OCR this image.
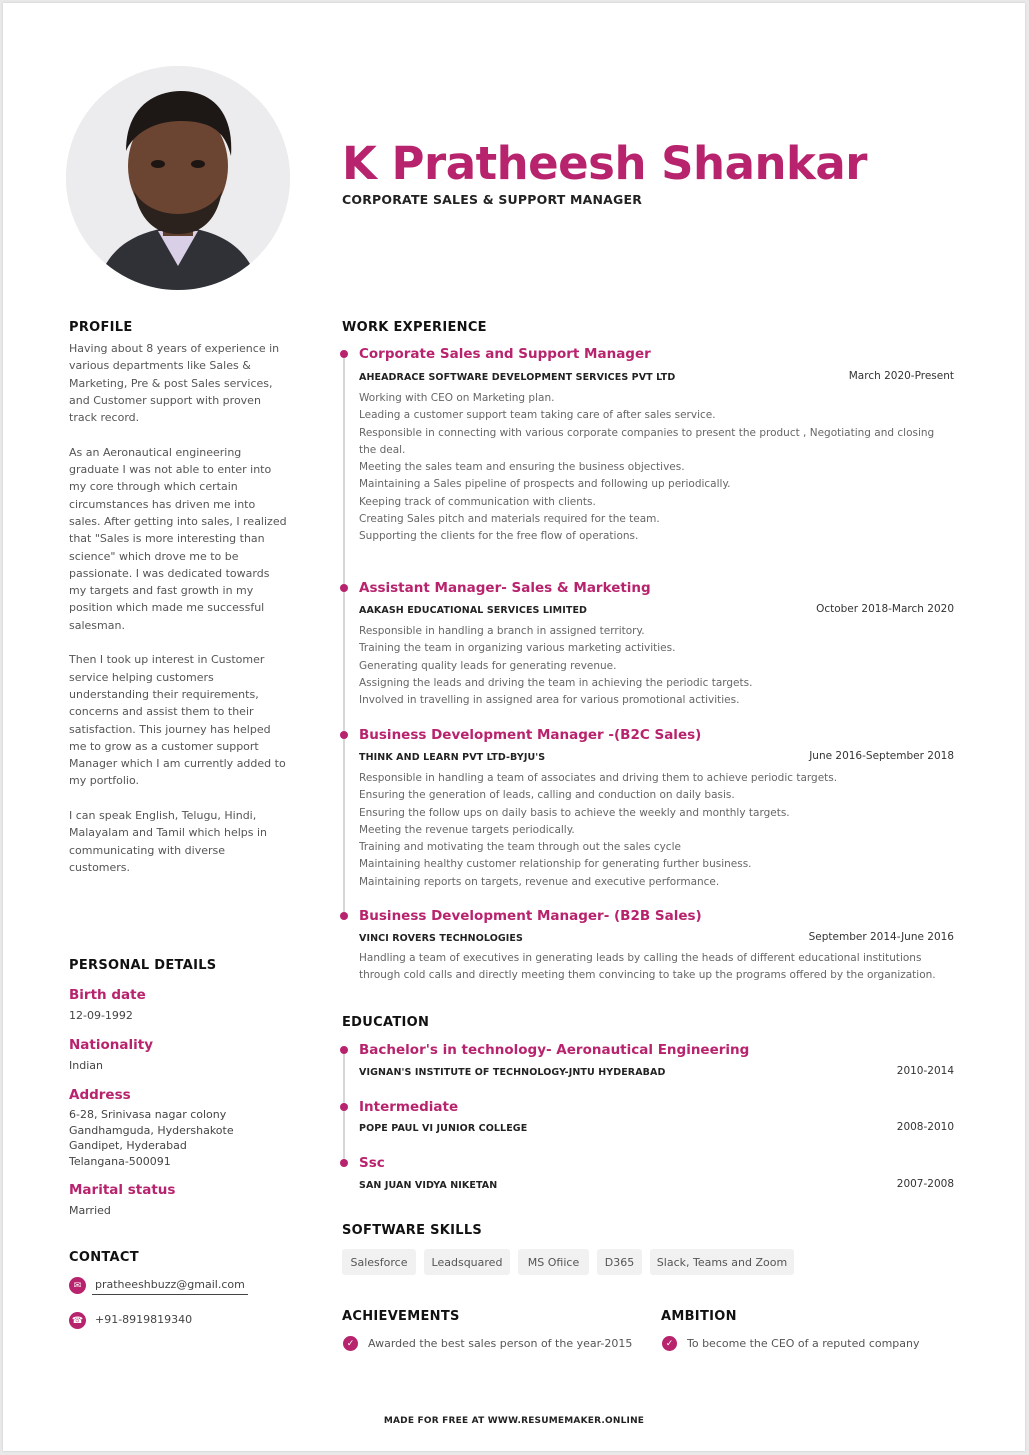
K Pratheesh Shankar
CORPORATE SALES & SUPPORT MANAGER
PROFILE

Having about 8 years of experience in various departments like Sales & Marketing, Pre & post Sales services, and Customer support with proven track record.

As an Aeronautical engineering graduate I was not able to enter into my core through which certain circumstances has driven me into sales. After getting into sales, I realized that "Sales is more interesting than science" which drove me to be passionate. I was dedicated towards my targets and fast growth in my position which made me successful salesman.

Then I took up interest in Customer service helping customers understanding their requirements, concerns and assist them to their satisfaction. This journey has helped me to grow as a customer support Manager which I am currently added to my portfolio.

I can speak English, Telugu, Hindi, Malayalam and Tamil which helps in communicating with diverse customers.

PERSONAL DETAILS
Birth date
12-09-1992
Nationality
Indian
Address
6-28, Srinivasa nagar colony
Gandhamguda, Hydershakote
Gandipet, Hyderabad
Telangana-500091
Marital status
Married
CONTACT
✉	pratheeshbuzz@gmail.com
☎ +91-8919819340
WORK EXPERIENCE
Corporate Sales and Support Manager
AHEADRACE SOFTWARE DEVELOPMENT SERVICES PVT LTD	March 2020-Present
Working with CEO on Marketing plan.
Leading a customer support team taking care of after sales service.
Responsible in connecting with various corporate companies to present the product , Negotiating and closing
the deal.
Meeting the sales team and ensuring the business objectives.
Maintaining a Sales pipeline of prospects and following up periodically.
Keeping track of communication with clients.
Creating Sales pitch and materials required for the team.
Supporting the clients for the free flow of operations.
Assistant Manager- Sales & Marketing
AAKASH EDUCATIONAL SERVICES LIMITED	October 2018-March 2020
Responsible in handling a branch in assigned territory.
Training the team in organizing various marketing activities.
Generating quality leads for generating revenue.
Assigning the leads and driving the team in achieving the periodic targets.
Involved in travelling in assigned area for various promotional activities.
Business Development Manager -(B2C Sales)
THINK AND LEARN PVT LTD-BYJU'S	June 2016-September 2018
Responsible in handling a team of associates and driving them to achieve periodic targets.
Ensuring the generation of leads, calling and conduction on daily basis.
Ensuring the follow ups on daily basis to achieve the weekly and monthly targets.
Meeting the revenue targets periodically.
Training and motivating the team through out the sales cycle
Maintaining healthy customer relationship for generating further business.
Maintaining reports on targets, revenue and executive performance.
Business Development Manager- (B2B Sales)
VINCI ROVERS TECHNOLOGIES	September 2014-June 2016
Handling a team of executives in generating leads by calling the heads of different educational institutions
through cold calls and directly meeting them convincing to take up the programs offered by the organization.
EDUCATION
Bachelor's in technology- Aeronautical Engineering
VIGNAN'S INSTITUTE OF TECHNOLOGY-JNTU HYDERABAD	2010-2014
Intermediate
POPE PAUL VI JUNIOR COLLEGE	2008-2010
Ssc
SAN JUAN VIDYA NIKETAN	2007-2008
SOFTWARE SKILLS
Salesforce	Leadsquared	MS Ofiice	D365	Slack, Teams and Zoom
ACHIEVEMENTS
✓	Awarded the best sales person of the year-2015
AMBITION
✓	To become the CEO of a reputed company
MADE FOR FREE AT WWW.RESUMEMAKER.ONLINE
